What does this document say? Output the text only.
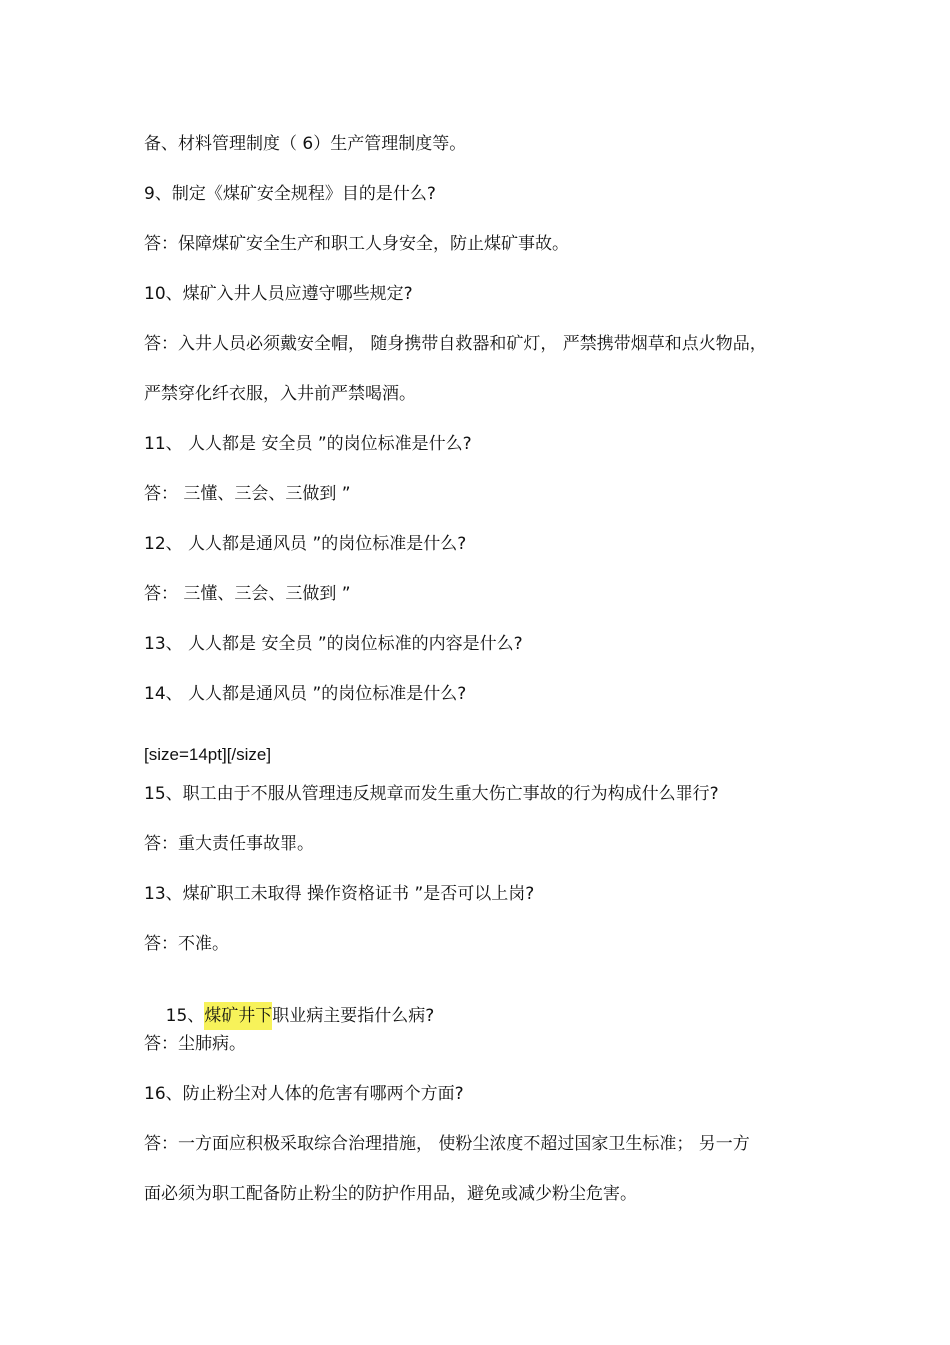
备、材料管理制度（ 6）生产管理制度等。
9、制定《煤矿安全规程》目的是什么?
答：保障煤矿安全生产和职工人身安全，防止煤矿事故。
10、煤矿入井人员应遵守哪些规定?
答：入井人员必须戴安全帽， 随身携带自救器和矿灯， 严禁携带烟草和点火物品，
严禁穿化纤衣服，入井前严禁喝酒。
11、 人人都是 安全员 ”的岗位标准是什么?
答： 三懂、三会、三做到 ”
12、 人人都是通风员 ”的岗位标准是什么?
答： 三懂、三会、三做到 ”
13、 人人都是 安全员 ”的岗位标准的内容是什么?
14、 人人都是通风员 ”的岗位标准是什么?
[size=14pt][/size]
15、职工由于不服从管理违反规章而发生重大伤亡事故的行为构成什么罪行?
答：重大责任事故罪。
13、煤矿职工未取得 操作资格证书 ”是否可以上岗?
答：不准。

15、煤矿井下职业病主要指什么病?

答：尘肺病。
16、防止粉尘对人体的危害有哪两个方面?
答：一方面应积极采取综合治理措施， 使粉尘浓度不超过国家卫生标准； 另一方
面必须为职工配备防止粉尘的防护作用品，避免或减少粉尘危害。
